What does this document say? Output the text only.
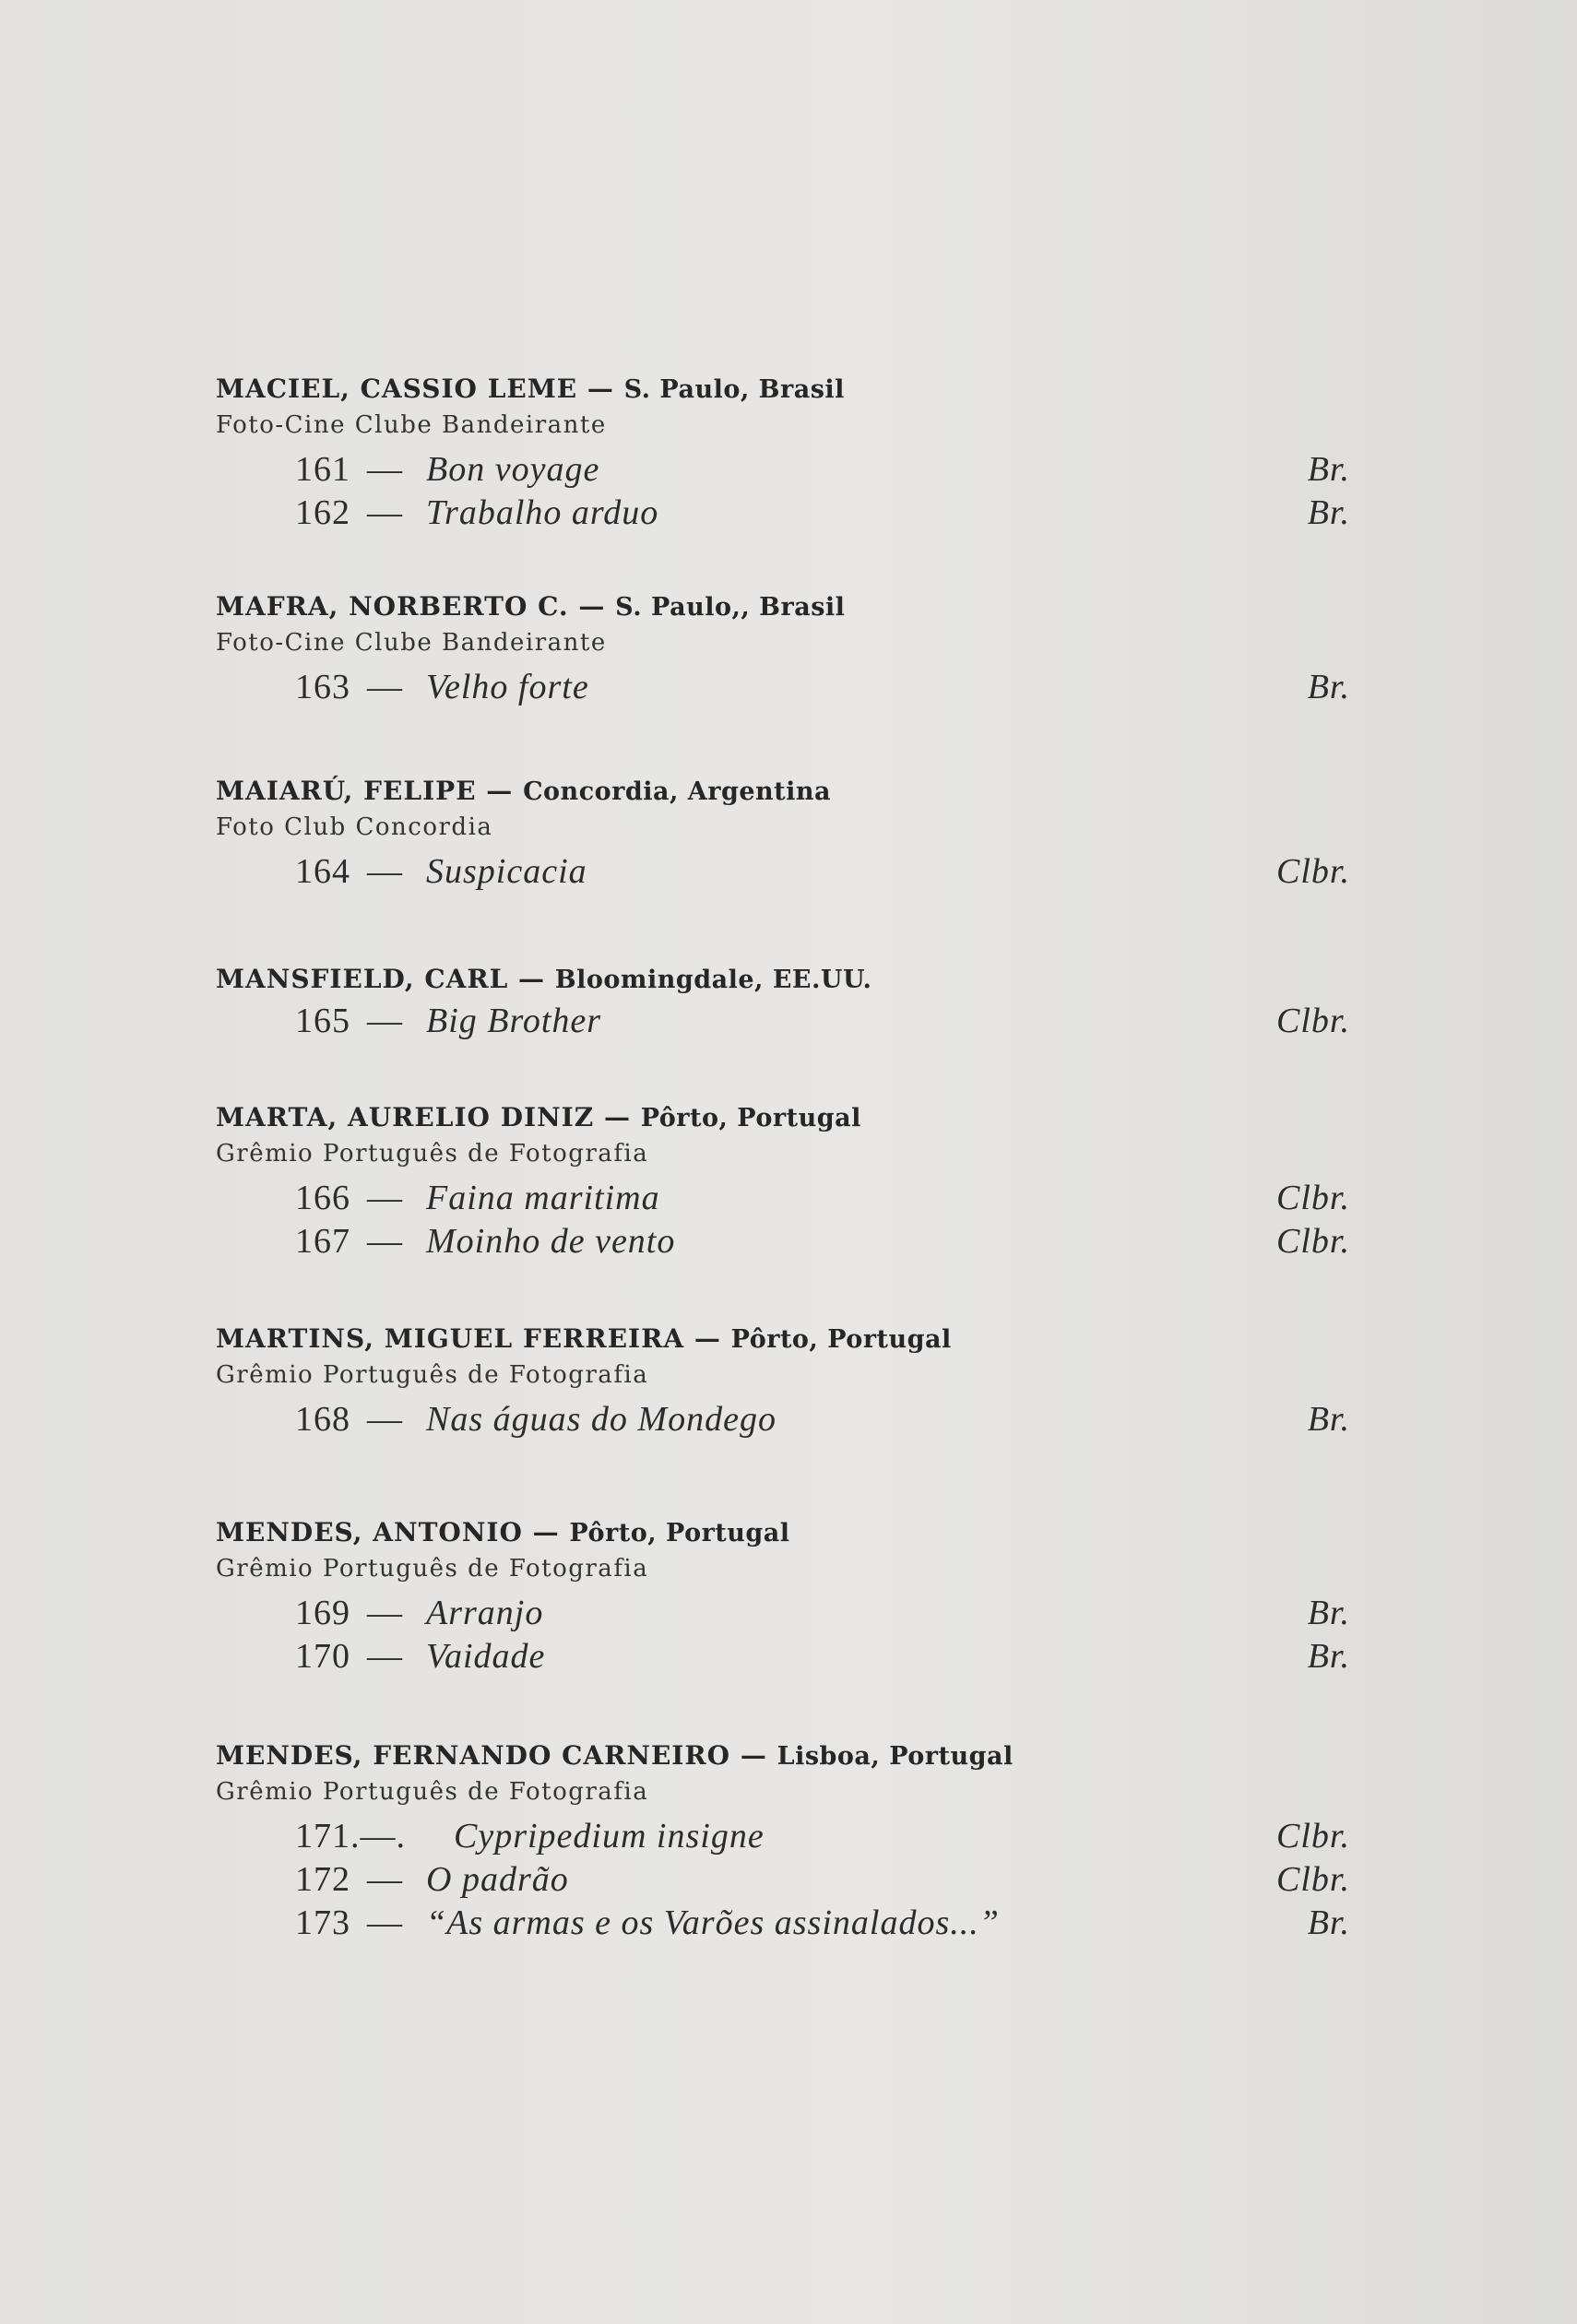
MACIEL, CASSIO LEME — S. Paulo, Brasil
Foto-Cine Clube Bandeirante
161 — Bon voyage	Br.
162 — Trabalho arduo	Br.
MAFRA, NORBERTO C. — S. Paulo,, Brasil
Foto-Cine Clube Bandeirante
163 — Velho forte	Br.
MAIARÚ, FELIPE — Concordia, Argentina
Foto Club Concordia
164 — Suspicacia	Clbr.
MANSFIELD, CARL — Bloomingdale, EE.UU.
165 — Big Brother	Clbr.
MARTA, AURELIO DINIZ — Pôrto, Portugal
Grêmio Português de Fotografia
166 — Faina maritima	Clbr.
167 — Moinho de vento	Clbr.
MARTINS, MIGUEL FERREIRA — Pôrto, Portugal
Grêmio Português de Fotografia
168 — Nas águas do Mondego	Br.
MENDES, ANTONIO — Pôrto, Portugal
Grêmio Português de Fotografia
169 — Arranjo	Br.
170 — Vaidade	Br.
MENDES, FERNANDO CARNEIRO — Lisboa, Portugal
Grêmio Português de Fotografia
171.—. Cypripedium insigne	Clbr.
172 — O padrão	Clbr.
173 — “As armas e os Varões assinalados...”	Br.
